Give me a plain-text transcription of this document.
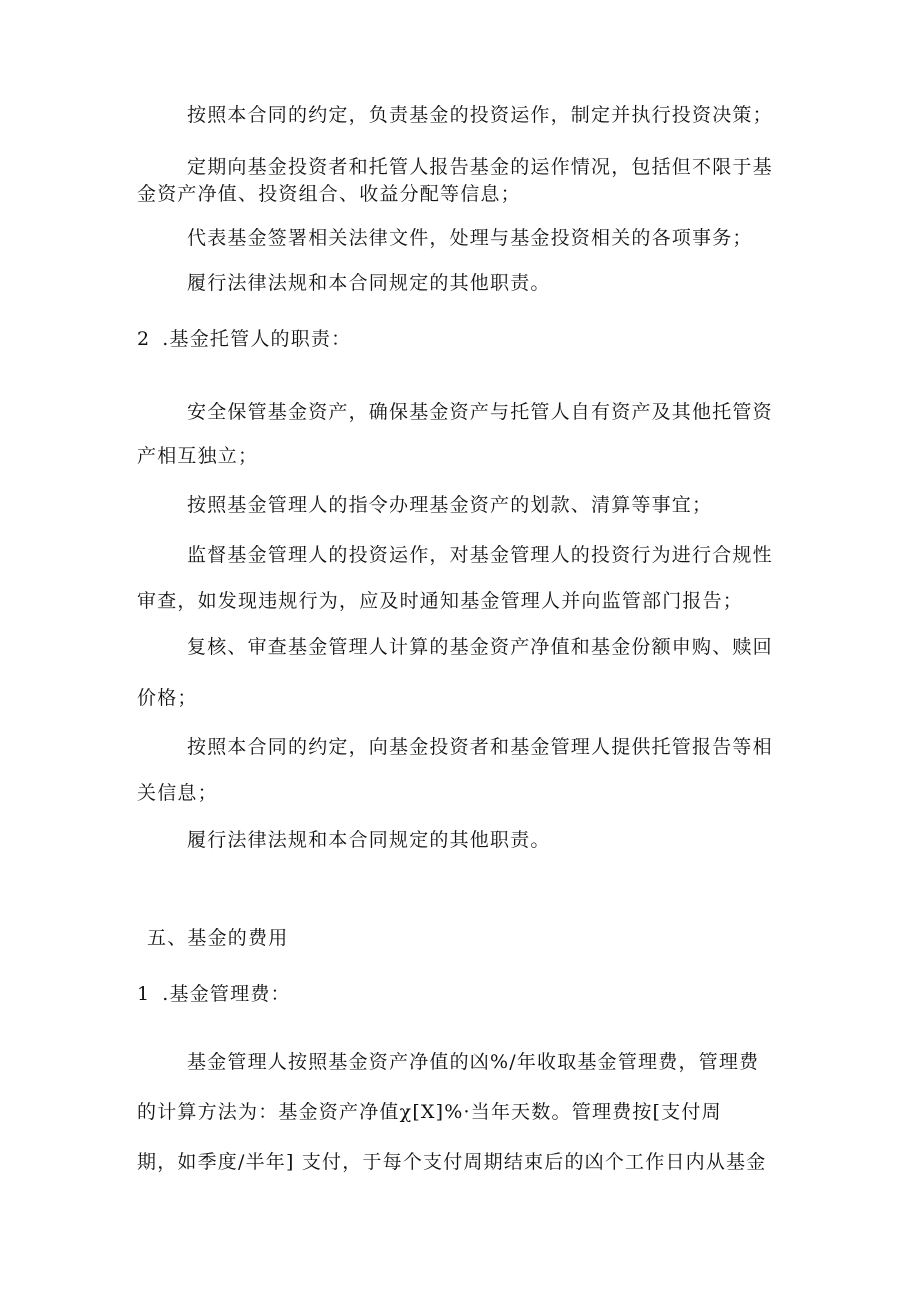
按照本合同的约定，负责基金的投资运作，制定并执行投资决策；
定期向基金投资者和托管人报告基金的运作情况，包括但不限于基
金资产净值、投资组合、收益分配等信息；
代表基金签署相关法律文件，处理与基金投资相关的各项事务；
履行法律法规和本合同规定的其他职责。
2 .基金托管人的职责：
安全保管基金资产，确保基金资产与托管人自有资产及其他托管资
产相互独立；
按照基金管理人的指令办理基金资产的划款、清算等事宜；
监督基金管理人的投资运作，对基金管理人的投资行为进行合规性
审查，如发现违规行为，应及时通知基金管理人并向监管部门报告；
复核、审查基金管理人计算的基金资产净值和基金份额申购、赎回
价格；
按照本合同的约定，向基金投资者和基金管理人提供托管报告等相
关信息；
履行法律法规和本合同规定的其他职责。
五、基金的费用
1 .基金管理费：
基金管理人按照基金资产净值的凶%/年收取基金管理费，管理费
的计算方法为：基金资产净值χ[X]%·当年天数。管理费按[支付周
期，如季度/半年] 支付，于每个支付周期结束后的凶个工作日内从基金
